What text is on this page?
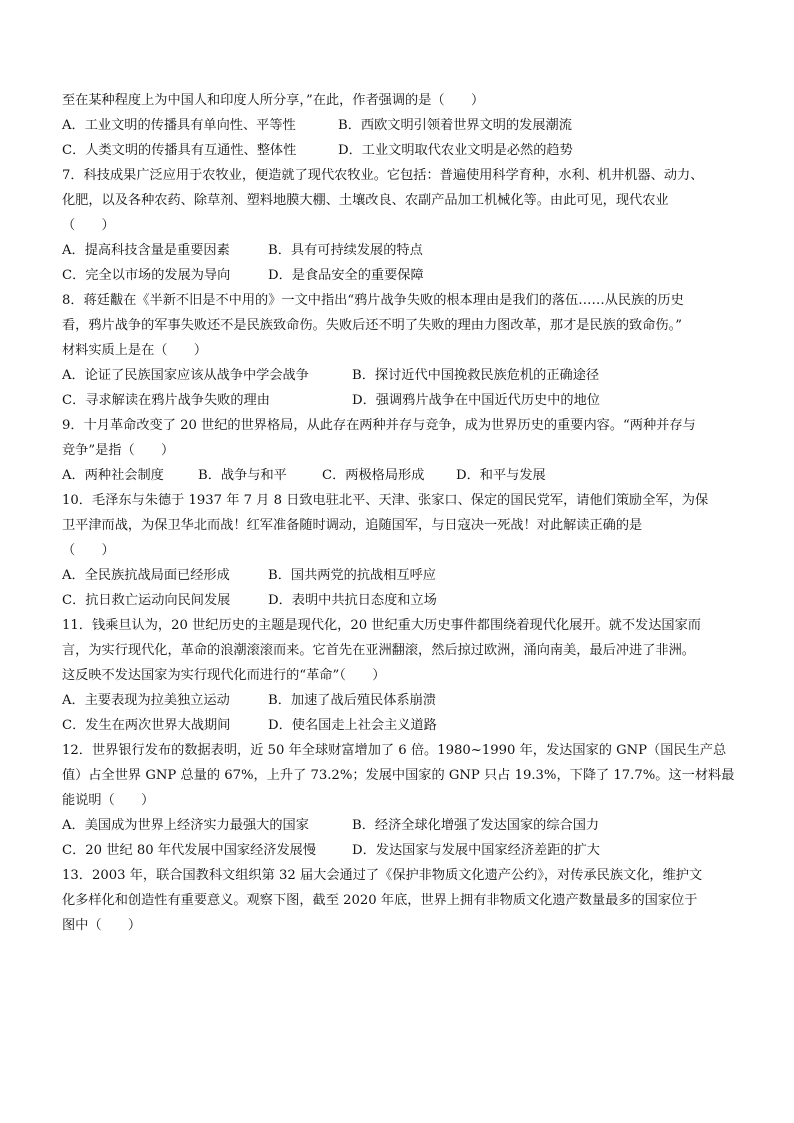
至在某种程度上为中国人和印度人所分享，”在此，作者强调的是（　　）
A．工业文明的传播具有单向性、平等性	B．西欧文明引领着世界文明的发展潮流
C．人类文明的传播具有互通性、整体性	D．工业文明取代农业文明是必然的趋势
7．科技成果广泛应用于农牧业，便造就了现代农牧业。它包括：普遍使用科学育种，水利、机井机器、动力、
化肥，以及各种农药、除草剂、塑料地膜大棚、土壤改良、农副产品加工机械化等。由此可见，现代农业
（　　）
A．提高科技含量是重要因素	B．具有可持续发展的特点
C．完全以市场的发展为导向	D．是食品安全的重要保障
8．蒋廷黻在《半新不旧是不中用的》一文中指出“鸦片战争失败的根本理由是我们的落伍……从民族的历史
看，鸦片战争的军事失败还不是民族致命伤。失败后还不明了失败的理由力图改革，那才是民族的致命伤。”
材料实质上是在（　　）
A．论证了民族国家应该从战争中学会战争	B．探讨近代中国挽救民族危机的正确途径
C．寻求解读在鸦片战争失败的理由	D．强调鸦片战争在中国近代历史中的地位
9．十月革命改变了 20 世纪的世界格局，从此存在两种并存与竞争，成为世界历史的重要内容。“两种并存与
竞争”是指（　　）
A．两种社会制度	B．战争与和平	C．两极格局形成	D．和平与发展
10．毛泽东与朱德于 1937 年 7 月 8 日致电驻北平、天津、张家口、保定的国民党军，请他们策励全军，为保
卫平津而战，为保卫华北而战！红军准备随时调动，追随国军，与日寇决一死战！对此解读正确的是
（　　）
A．全民族抗战局面已经形成	B．国共两党的抗战相互呼应
C．抗日救亡运动向民间发展	D．表明中共抗日态度和立场
11．钱乘旦认为，20 世纪历史的主题是现代化，20 世纪重大历史事件都围绕着现代化展开。就不发达国家而
言，为实行现代化，革命的浪潮滚滚而来。它首先在亚洲翻滚，然后掠过欧洲，涌向南美，最后冲进了非洲。
这反映不发达国家为实行现代化而进行的“革命”（　　）
A．主要表现为拉美独立运动	B．加速了战后殖民体系崩溃
C．发生在两次世界大战期间	D．使名国走上社会主义道路
12．世界银行发布的数据表明，近 50 年全球财富增加了 6 倍。1980~1990 年，发达国家的 GNP（国民生产总
值）占全世界 GNP 总量的 67%，上升了 73.2%；发展中国家的 GNP 只占 19.3%，下降了 17.7%。这一材料最
能说明（　　）
A．美国成为世界上经济实力最强大的国家	B．经济全球化增强了发达国家的综合国力
C．20 世纪 80 年代发展中国家经济发展慢	D．发达国家与发展中国家经济差距的扩大
13．2003 年，联合国教科文组织第 32 届大会通过了《保护非物质文化遗产公约》，对传承民族文化，维护文
化多样化和创造性有重要意义。观察下图，截至 2020 年底，世界上拥有非物质文化遗产数量最多的国家位于
图中（　　）
